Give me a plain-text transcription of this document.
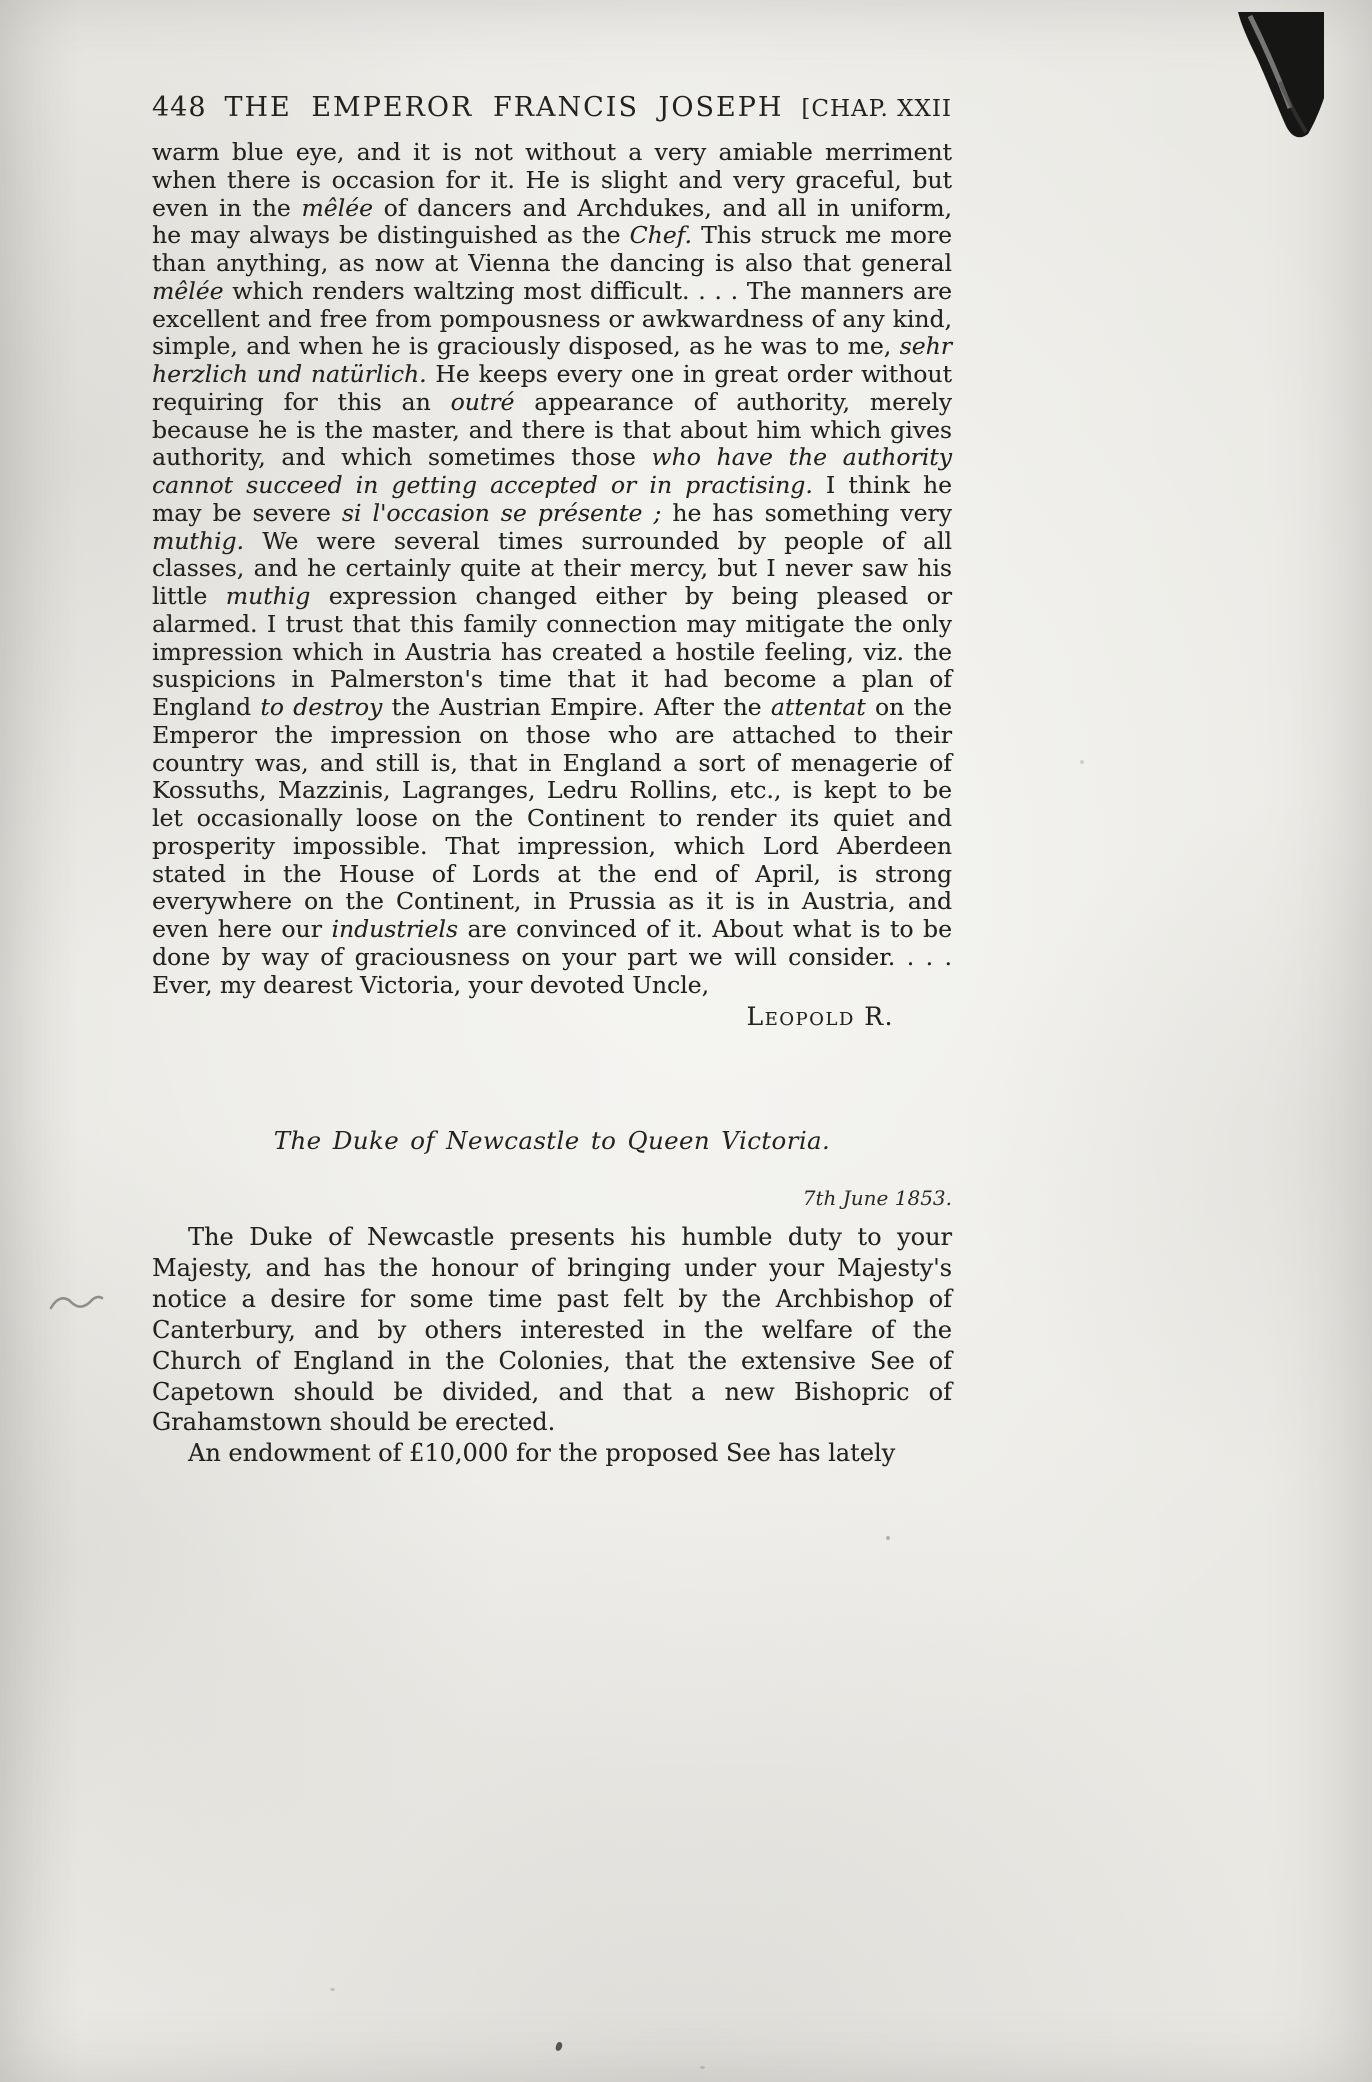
448 THE EMPEROR FRANCIS JOSEPH [CHAP. XXII

warm blue eye, and it is not without a very amiable merriment when there is occasion for it. He is slight and very graceful, but even in the mêlée of dancers and Archdukes, and all in uniform, he may always be distinguished as the Chef. This struck me more than anything, as now at Vienna the dancing is also that general mêlée which renders waltzing most difficult. . . . The manners are excellent and free from pompousness or awkwardness of any kind, simple, and when he is graciously disposed, as he was to me, sehr herzlich und natürlich. He keeps every one in great order without requiring for this an outré appearance of authority, merely because he is the master, and there is that about him which gives authority, and which sometimes those who have the authority cannot succeed in getting accepted or in practising. I think he may be severe si l'occasion se présente ; he has something very muthig. We were several times surrounded by people of all classes, and he certainly quite at their mercy, but I never saw his little muthig expression changed either by being pleased or alarmed. I trust that this family connection may mitigate the only impression which in Austria has created a hostile feeling, viz. the suspicions in Palmerston's time that it had become a plan of England to destroy the Austrian Empire. After the attentat on the Emperor the impression on those who are attached to their country was, and still is, that in England a sort of menagerie of Kossuths, Mazzinis, Lagranges, Ledru Rollins, etc., is kept to be let occasionally loose on the Continent to render its quiet and prosperity impossible. That impression, which Lord Aberdeen stated in the House of Lords at the end of April, is strong everywhere on the Continent, in Prussia as it is in Austria, and even here our industriels are convinced of it. About what is to be done by way of graciousness on your part we will consider. . . . Ever, my dearest Victoria, your devoted Uncle,

Leopold R.

The Duke of Newcastle to Queen Victoria.

7th June 1853.

The Duke of Newcastle presents his humble duty to your Majesty, and has the honour of bringing under your Majesty's notice a desire for some time past felt by the Archbishop of Canterbury, and by others interested in the welfare of the Church of England in the Colonies, that the extensive See of Capetown should be divided, and that a new Bishopric of Grahamstown should be erected.

An endowment of £10,000 for the proposed See has lately
